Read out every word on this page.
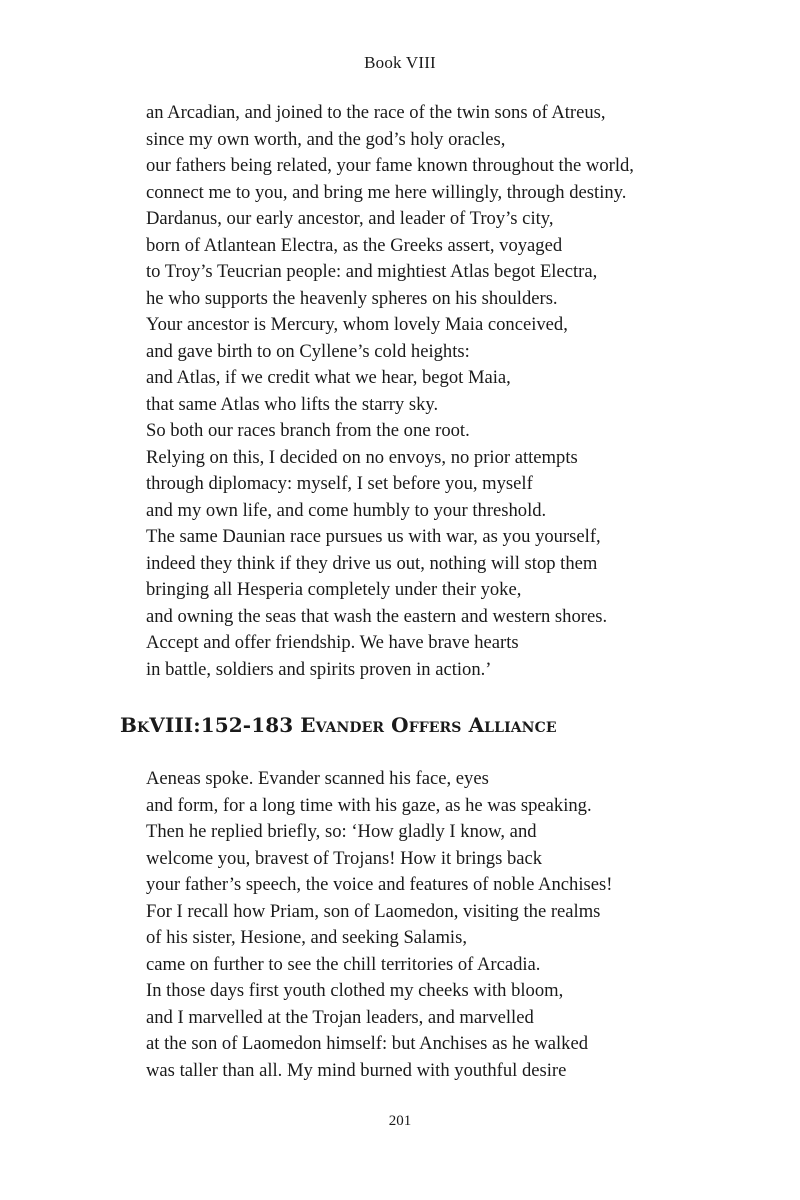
Book VIII
an Arcadian, and joined to the race of the twin sons of Atreus,
since my own worth, and the god’s holy oracles,
our fathers being related, your fame known throughout the world,
connect me to you, and bring me here willingly, through destiny.
Dardanus, our early ancestor, and leader of Troy’s city,
born of Atlantean Electra, as the Greeks assert, voyaged
to Troy’s Teucrian people: and mightiest Atlas begot Electra,
he who supports the heavenly spheres on his shoulders.
Your ancestor is Mercury, whom lovely Maia conceived,
and gave birth to on Cyllene’s cold heights:
and Atlas, if we credit what we hear, begot Maia,
that same Atlas who lifts the starry sky.
So both our races branch from the one root.
Relying on this, I decided on no envoys, no prior attempts
through diplomacy: myself, I set before you, myself
and my own life, and come humbly to your threshold.
The same Daunian race pursues us with war, as you yourself,
indeed they think if they drive us out, nothing will stop them
bringing all Hesperia completely under their yoke,
and owning the seas that wash the eastern and western shores.
Accept and offer friendship. We have brave hearts
in battle, soldiers and spirits proven in action.’
BkVIII:152-183 Evander Offers Alliance
Aeneas spoke. Evander scanned his face, eyes
and form, for a long time with his gaze, as he was speaking.
Then he replied briefly, so: ‘How gladly I know, and
welcome you, bravest of Trojans! How it brings back
your father’s speech, the voice and features of noble Anchises!
For I recall how Priam, son of Laomedon, visiting the realms
of his sister, Hesione, and seeking Salamis,
came on further to see the chill territories of Arcadia.
In those days first youth clothed my cheeks with bloom,
and I marvelled at the Trojan leaders, and marvelled
at the son of Laomedon himself: but Anchises as he walked
was taller than all. My mind burned with youthful desire
201
